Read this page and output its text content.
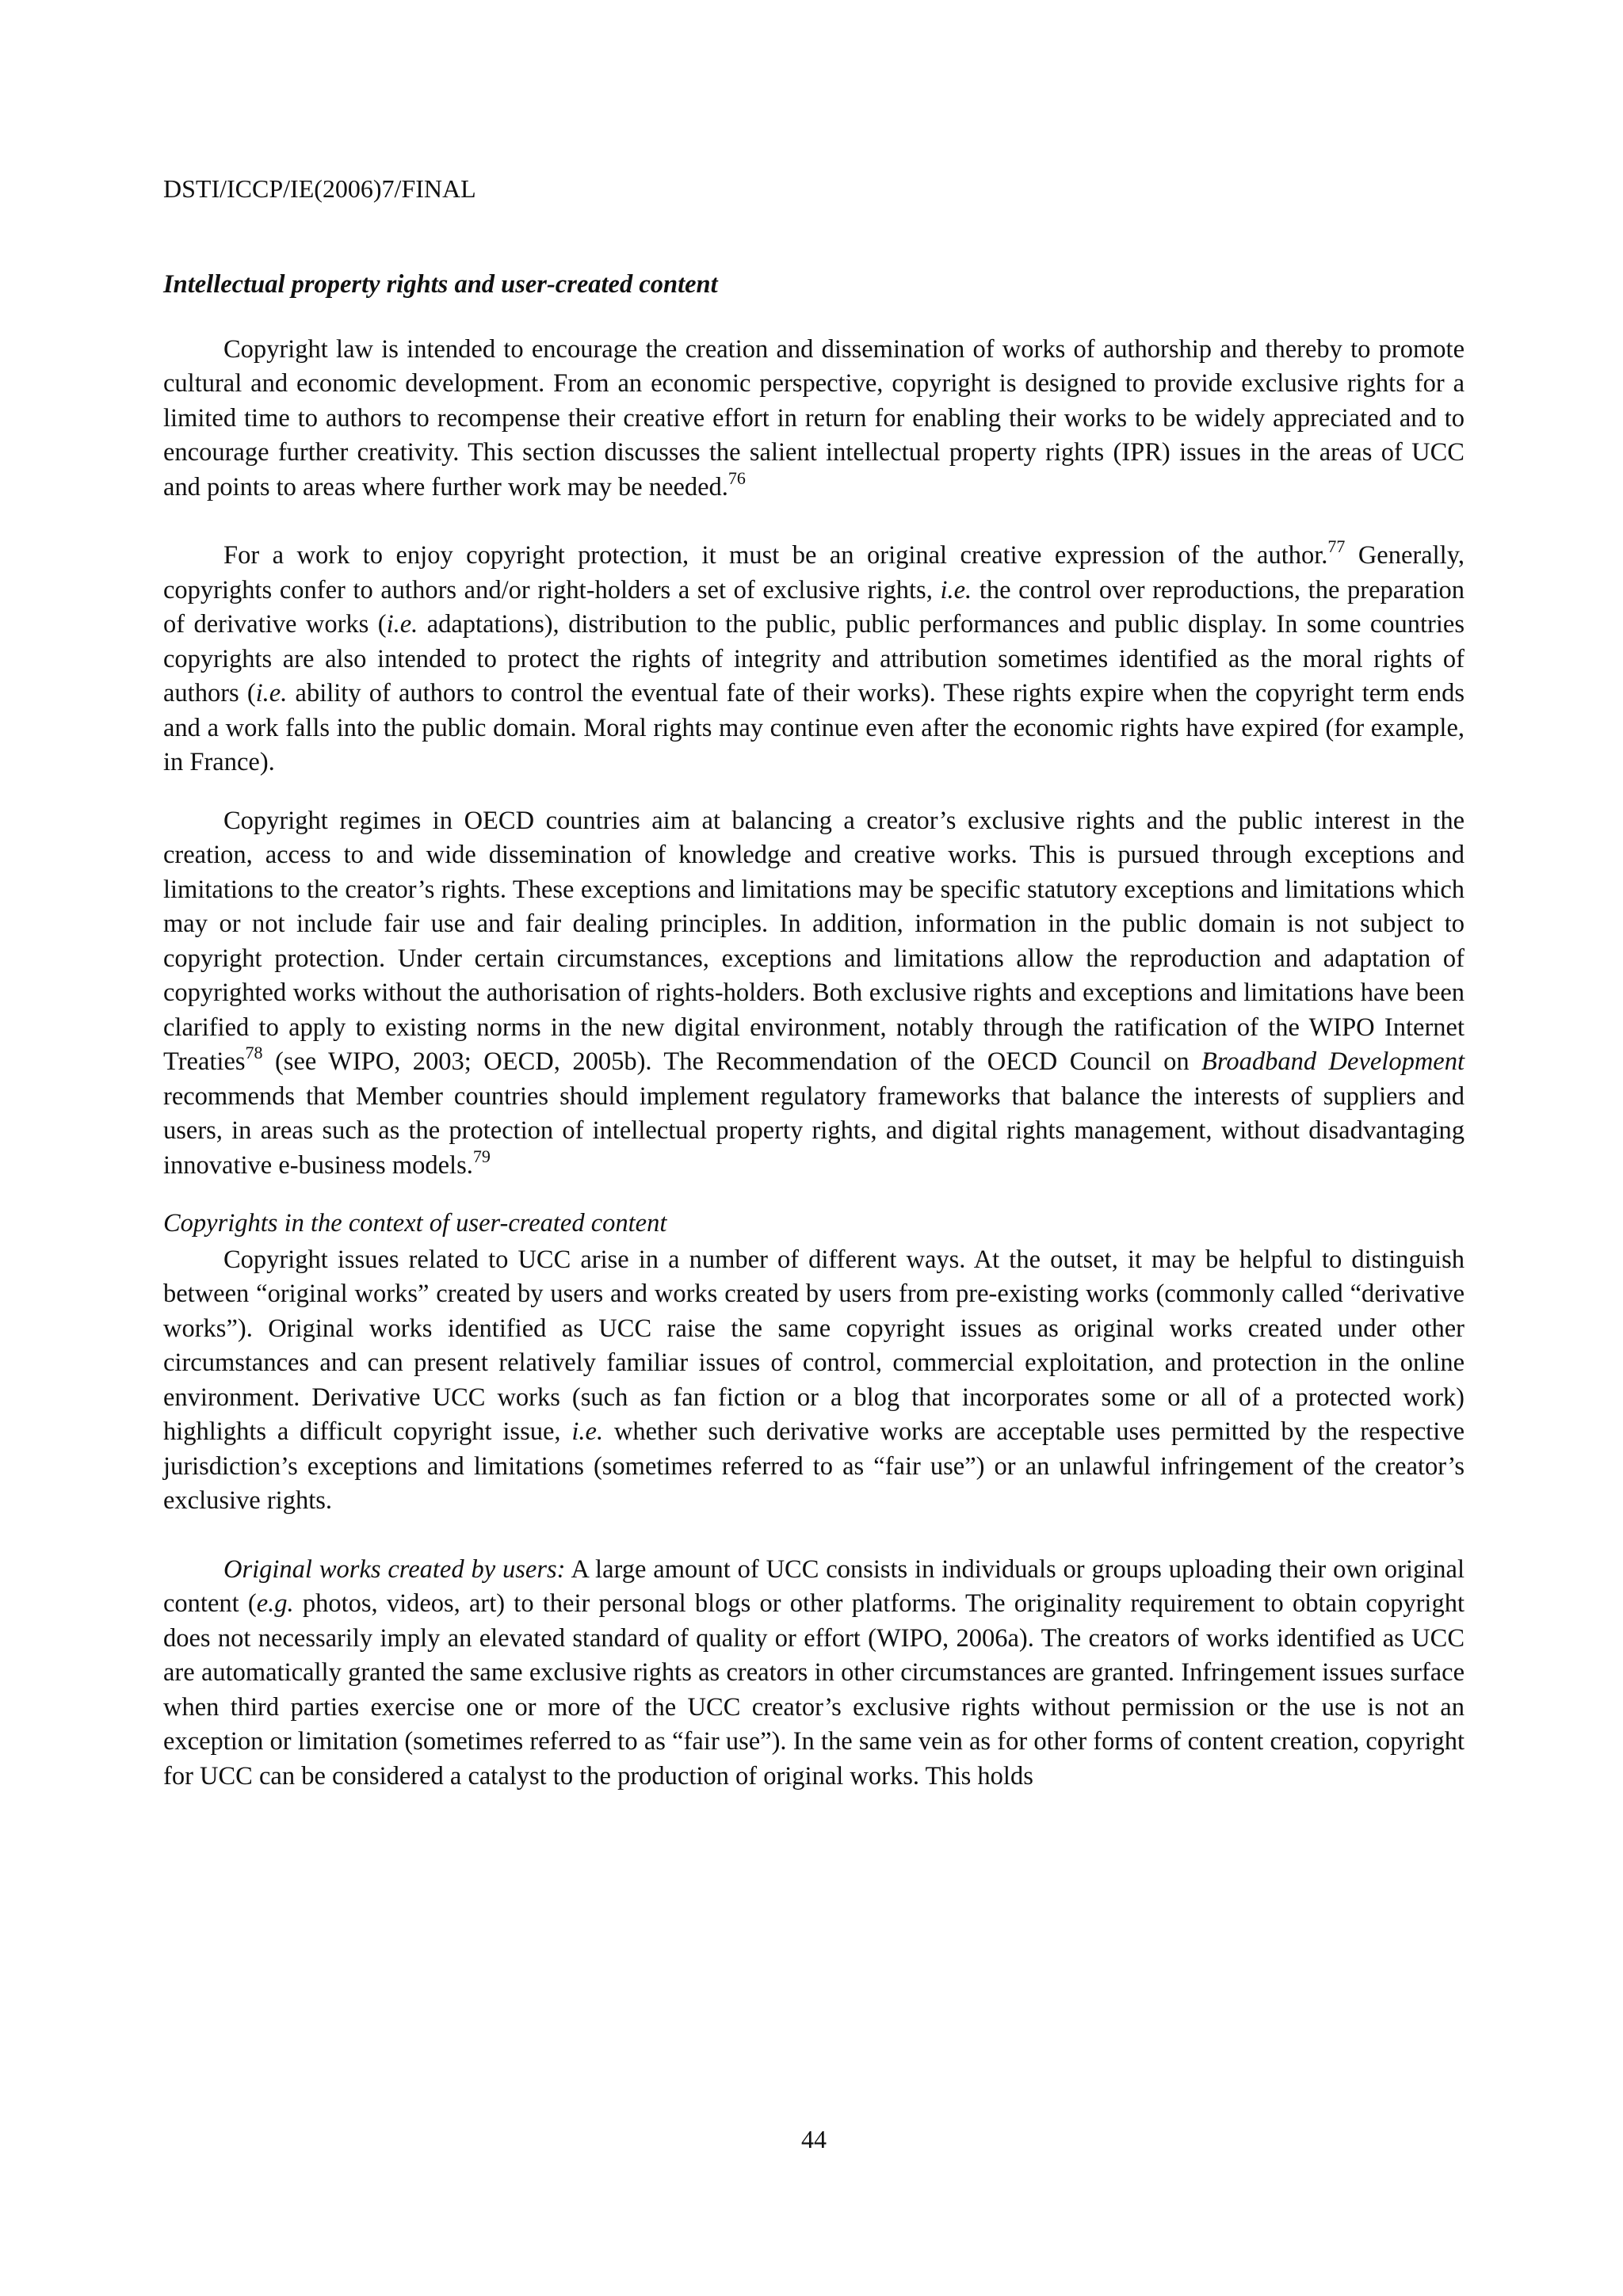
DSTI/ICCP/IE(2006)7/FINAL
Intellectual property rights and user-created content

Copyright law is intended to encourage the creation and dissemination of works of authorship and thereby to promote cultural and economic development. From an economic perspective, copyright is designed to provide exclusive rights for a limited time to authors to recompense their creative effort in return for enabling their works to be widely appreciated and to encourage further creativity. This section discusses the salient intellectual property rights (IPR) issues in the areas of UCC and points to areas where further work may be needed.$^{76}$

For a work to enjoy copyright protection, it must be an original creative expression of the author.$^{77}$ Generally, copyrights confer to authors and/or right-holders a set of exclusive rights, i.e. the control over reproductions, the preparation of derivative works (i.e. adaptations), distribution to the public, public performances and public display. In some countries copyrights are also intended to protect the rights of integrity and attribution sometimes identified as the moral rights of authors (i.e. ability of authors to control the eventual fate of their works). These rights expire when the copyright term ends and a work falls into the public domain. Moral rights may continue even after the economic rights have expired (for example, in France).

Copyright regimes in OECD countries aim at balancing a creator’s exclusive rights and the public interest in the creation, access to and wide dissemination of knowledge and creative works. This is pursued through exceptions and limitations to the creator’s rights. These exceptions and limitations may be specific statutory exceptions and limitations which may or not include fair use and fair dealing principles. In addition, information in the public domain is not subject to copyright protection. Under certain circumstances, exceptions and limitations allow the reproduction and adaptation of copyrighted works without the authorisation of rights-holders. Both exclusive rights and exceptions and limitations have been clarified to apply to existing norms in the new digital environment, notably through the ratification of the WIPO Internet Treaties$^{78}$ (see WIPO, 2003; OECD, 2005b). The Recommendation of the OECD Council on Broadband Development recommends that Member countries should implement regulatory frameworks that balance the interests of suppliers and users, in areas such as the protection of intellectual property rights, and digital rights management, without disadvantaging innovative e-business models.$^{79}$

Copyrights in the context of user-created content

Copyright issues related to UCC arise in a number of different ways. At the outset, it may be helpful to distinguish between “original works” created by users and works created by users from pre-existing works (commonly called “derivative works”). Original works identified as UCC raise the same copyright issues as original works created under other circumstances and can present relatively familiar issues of control, commercial exploitation, and protection in the online environment. Derivative UCC works (such as fan fiction or a blog that incorporates some or all of a protected work) highlights a difficult copyright issue, i.e. whether such derivative works are acceptable uses permitted by the respective jurisdiction’s exceptions and limitations (sometimes referred to as “fair use”) or an unlawful infringement of the creator’s exclusive rights.

Original works created by users: A large amount of UCC consists in individuals or groups uploading their own original content (e.g. photos, videos, art) to their personal blogs or other platforms. The originality requirement to obtain copyright does not necessarily imply an elevated standard of quality or effort (WIPO, 2006a). The creators of works identified as UCC are automatically granted the same exclusive rights as creators in other circumstances are granted. Infringement issues surface when third parties exercise one or more of the UCC creator’s exclusive rights without permission or the use is not an exception or limitation (sometimes referred to as “fair use”). In the same vein as for other forms of content creation, copyright for UCC can be considered a catalyst to the production of original works. This holds

44
